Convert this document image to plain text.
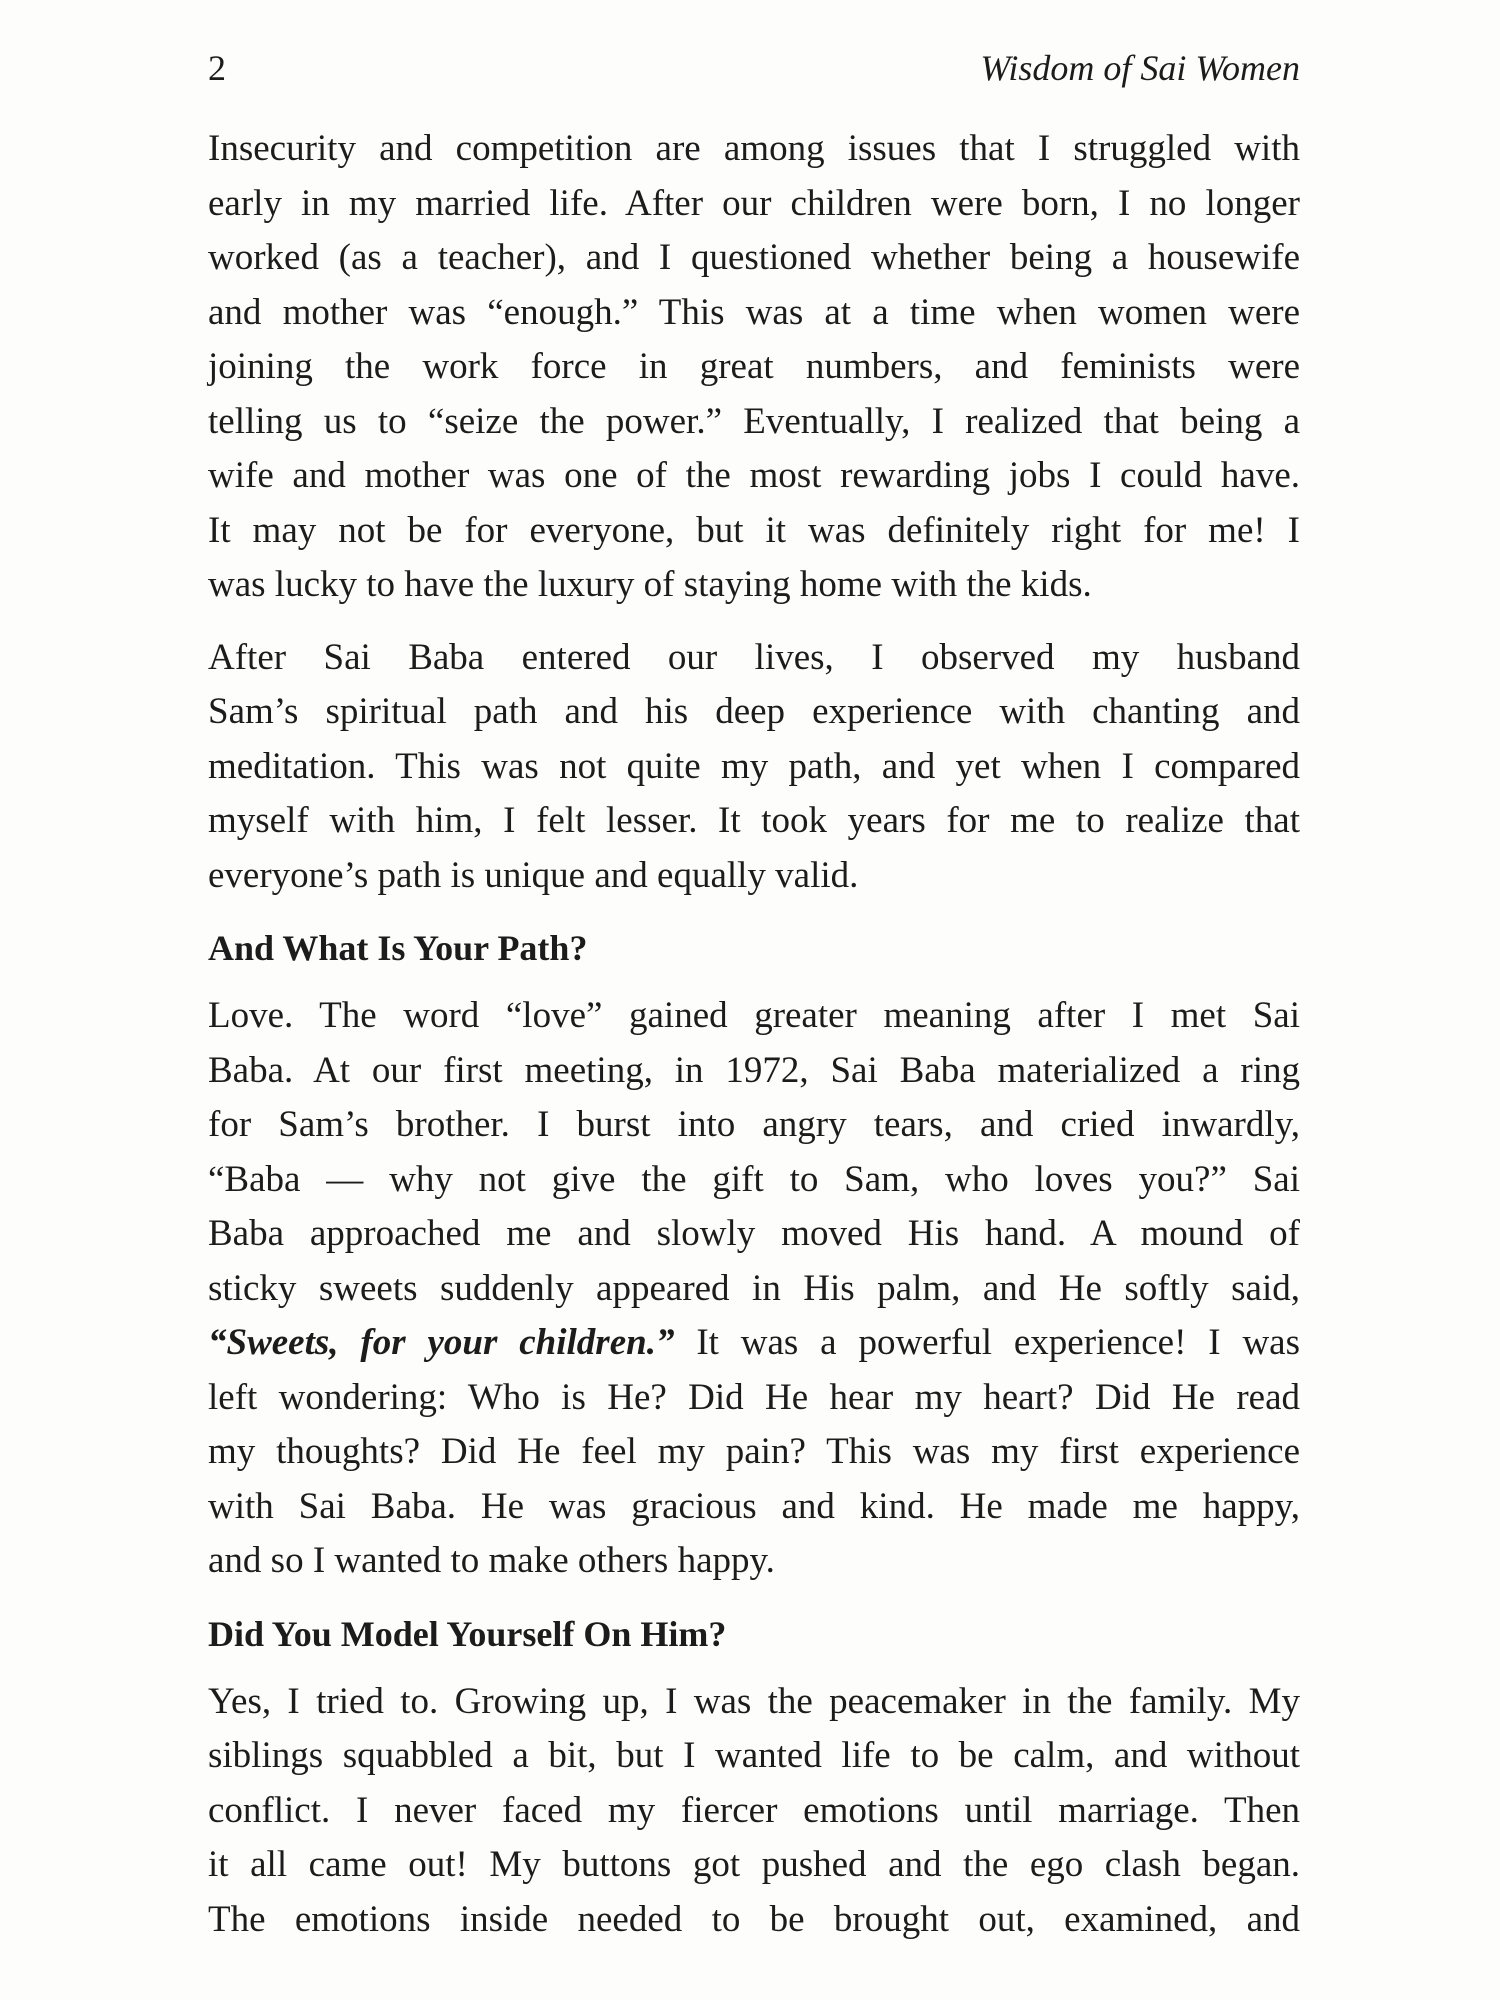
2	Wisdom of Sai Women

Insecurity and competition are among issues that I struggled with
early in my married life. After our children were born, I no longer
worked (as a teacher), and I questioned whether being a housewife
and mother was “enough.” This was at a time when women were
joining the work force in great numbers, and feminists were
telling us to “seize the power.” Eventually, I realized that being a
wife and mother was one of the most rewarding jobs I could have.
It may not be for everyone, but it was definitely right for me! I
was lucky to have the luxury of staying home with the kids.

After Sai Baba entered our lives, I observed my husband
Sam’s spiritual path and his deep experience with chanting and
meditation. This was not quite my path, and yet when I compared
myself with him, I felt lesser. It took years for me to realize that
everyone’s path is unique and equally valid.

And What Is Your Path?

Love. The word “love” gained greater meaning after I met Sai
Baba. At our first meeting, in 1972, Sai Baba materialized a ring
for Sam’s brother. I burst into angry tears, and cried inwardly,
“Baba — why not give the gift to Sam, who loves you?” Sai
Baba approached me and slowly moved His hand. A mound of
sticky sweets suddenly appeared in His palm, and He softly said,
“Sweets, for your children.” It was a powerful experience! I was
left wondering: Who is He? Did He hear my heart? Did He read
my thoughts? Did He feel my pain? This was my first experience
with Sai Baba. He was gracious and kind. He made me happy,
and so I wanted to make others happy.

Did You Model Yourself On Him?

Yes, I tried to. Growing up, I was the peacemaker in the family. My
siblings squabbled a bit, but I wanted life to be calm, and without
conflict. I never faced my fiercer emotions until marriage. Then
it all came out! My buttons got pushed and the ego clash began.
The emotions inside needed to be brought out, examined, and
